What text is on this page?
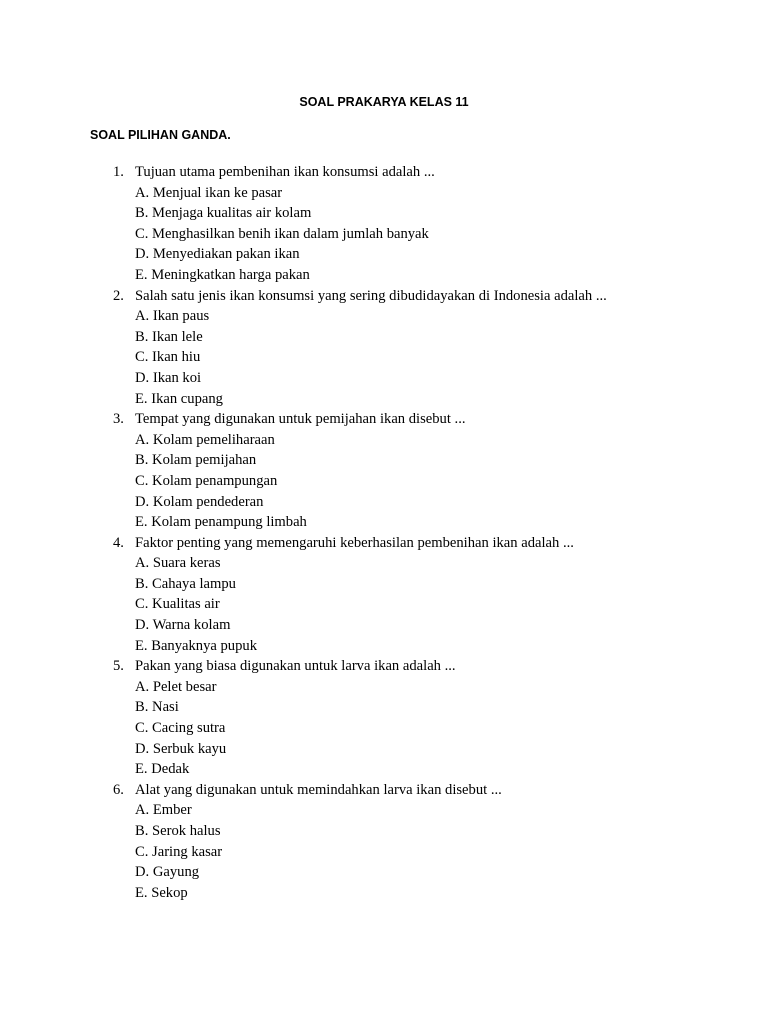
SOAL PRAKARYA KELAS 11
SOAL PILIHAN GANDA.
1. Tujuan utama pembenihan ikan konsumsi adalah ...
A. Menjual ikan ke pasar
B. Menjaga kualitas air kolam
C. Menghasilkan benih ikan dalam jumlah banyak
D. Menyediakan pakan ikan
E. Meningkatkan harga pakan
2. Salah satu jenis ikan konsumsi yang sering dibudidayakan di Indonesia adalah ...
A. Ikan paus
B. Ikan lele
C. Ikan hiu
D. Ikan koi
E. Ikan cupang
3. Tempat yang digunakan untuk pemijahan ikan disebut ...
A. Kolam pemeliharaan
B. Kolam pemijahan
C. Kolam penampungan
D. Kolam pendederan
E. Kolam penampung limbah
4. Faktor penting yang memengaruhi keberhasilan pembenihan ikan adalah ...
A. Suara keras
B. Cahaya lampu
C. Kualitas air
D. Warna kolam
E. Banyaknya pupuk
5. Pakan yang biasa digunakan untuk larva ikan adalah ...
A. Pelet besar
B. Nasi
C. Cacing sutra
D. Serbuk kayu
E. Dedak
6. Alat yang digunakan untuk memindahkan larva ikan disebut ...
A. Ember
B. Serok halus
C. Jaring kasar
D. Gayung
E. Sekop
